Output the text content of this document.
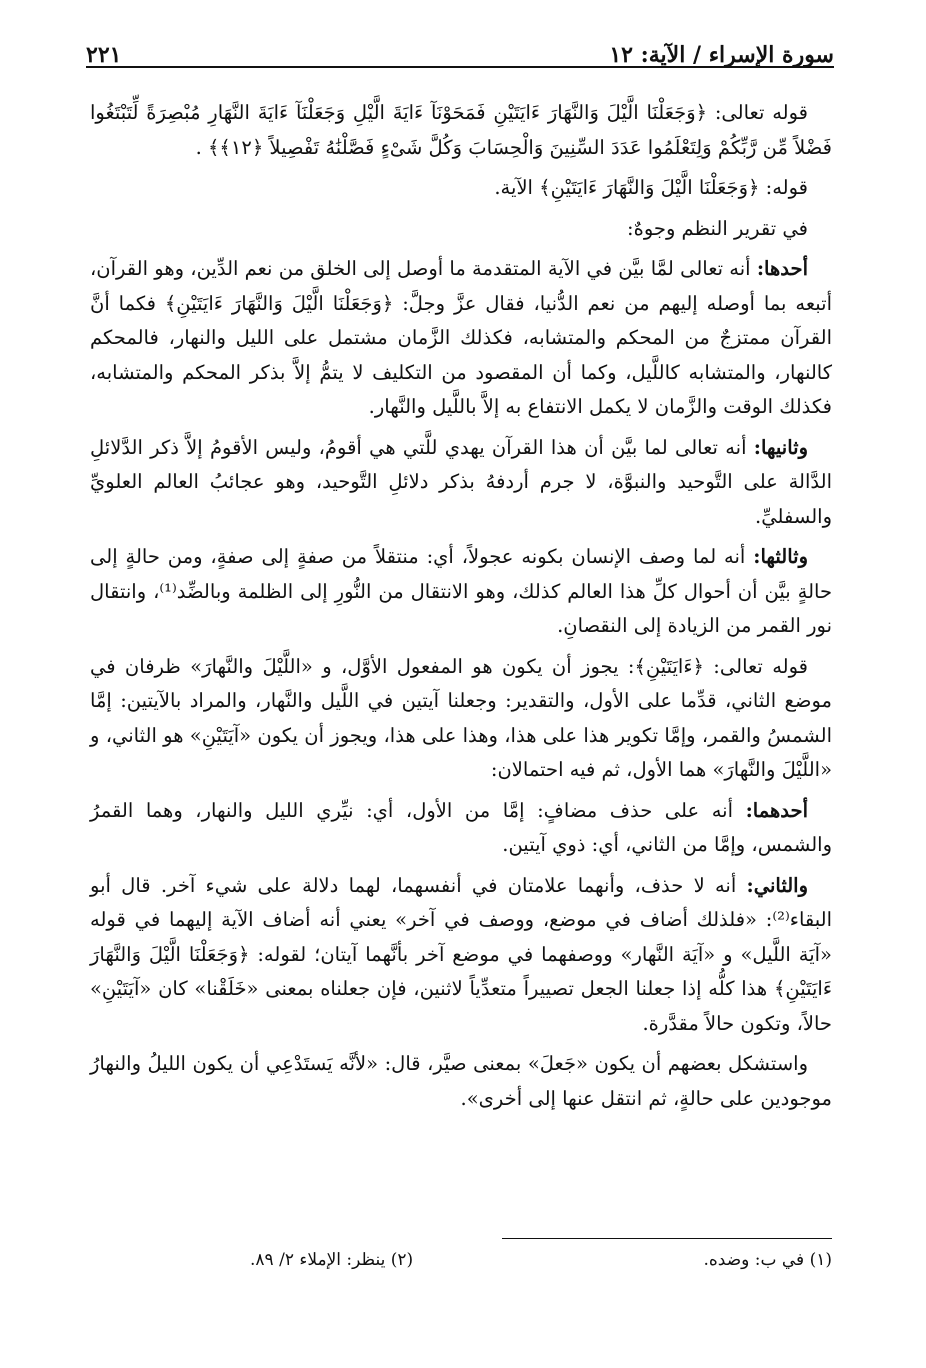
سورة الإسراء / الآية: ١٢
٢٢١

قوله تعالى: ﴿وَجَعَلْنَا الَّيْلَ وَالنَّهَارَ ءَايَتَيْنِ فَمَحَوْنَآ ءَايَةَ الَّيْلِ وَجَعَلْنَآ ءَايَةَ النَّهَارِ مُبْصِرَةً لِّتَبْتَغُوا فَضْلاً مِّن رَّبِّكُمْ وَلِتَعْلَمُوا عَدَدَ السِّنِينَ وَالْحِسَابَ وَكُلَّ شَىْءٍ فَصَّلْنَٰهُ تَفْصِيلاً ﴿١٢﴾﴾ .

قوله: ﴿وَجَعَلْنَا الَّيْلَ وَالنَّهَارَ ءَايَتَيْنِ﴾ الآية.

في تقرير النظم وجوهٌ:

أحدها: أنه تعالى لمَّا بيَّن في الآية المتقدمة ما أوصل إلى الخلق من نعم الدِّين، وهو القرآن، أتبعه بما أوصله إليهم من نعم الدُّنيا، فقال عزَّ وجلَّ: ﴿وَجَعَلْنَا الَّيْلَ وَالنَّهَارَ ءَايَتَيْنِ﴾ فكما أنَّ القرآن ممتزجٌ من المحكم والمتشابه، فكذلك الزَّمان مشتمل على الليل والنهار، فالمحكم كالنهار، والمتشابه كاللَّيل، وكما أن المقصود من التكليف لا يتمُّ إلاَّ بذكر المحكم والمتشابه، فكذلك الوقت والزَّمان لا يكمل الانتفاع به إلاَّ باللَّيل والنَّهار.

وثانيها: أنه تعالى لما بيَّن أن هذا القرآن يهدي للَّتي هي أقومُ، وليس الأقومُ إلاَّ ذكر الدَّلائلِ الدَّالة على التَّوحيد والنبوَّة، لا جرم أردفهُ بذكر دلائلِ التَّوحيد، وهو عجائبُ العالم العلويِّ والسفليِّ.

وثالثها: أنه لما وصف الإنسان بكونه عجولاً، أي: منتقلاً من صفةٍ إلى صفةٍ، ومن حالةٍ إلى حالةٍ بيَّن أن أحوال كلِّ هذا العالم كذلك، وهو الانتقال من النُّورِ إلى الظلمة وبالضِّد⁽¹⁾، وانتقال نور القمر من الزيادة إلى النقصانِ.

قوله تعالى: ﴿ءَايَتَيْنِ﴾: يجوز أن يكون هو المفعول الأوَّل، و «اللَّيْلَ والنَّهارَ» ظرفان في موضع الثاني، قدِّما على الأول، والتقدير: وجعلنا آيتين في اللَّيل والنَّهار، والمراد بالآيتين: إمَّا الشمسُ والقمر، وإمَّا تكوير هذا على هذا، وهذا على هذا، ويجوز أن يكون «آيَتَيْنِ» هو الثاني، و «اللَّيْلَ والنَّهارَ» هما الأول، ثم فيه احتمالان:

أحدهما: أنه على حذف مضافٍ: إمَّا من الأول، أي: نيِّري الليل والنهار، وهما القمرُ والشمس، وإمَّا من الثاني، أي: ذوي آيتين.

والثاني: أنه لا حذف، وأنهما علامتان في أنفسهما، لهما دلالة على شيء آخر. قال أبو البقاء⁽²⁾: «فلذلك أضاف في موضع، ووصف في آخر» يعني أنه أضاف الآية إليهما في قوله «آيَة اللَّيل» و «آيَة النَّهار» ووصفهما في موضع آخر بأنَّهما آيتان؛ لقوله: ﴿وَجَعَلْنَا الَّيْلَ وَالنَّهَارَ ءَايَتَيْنِ﴾ هذا كلُّه إذا جعلنا الجعل تصييراً متعدِّياً لاثنين، فإن جعلناه بمعنى «خَلَقْنا» كان «آيَتَيْنِ» حالاً، وتكون حالاً مقدَّرة.

واستشكل بعضهم أن يكون «جَعلَ» بمعنى صيَّر، قال: «لأنَّه يَستَدْعِي أن يكون الليلُ والنهارُ موجودين على حالةٍ، ثم انتقل عنها إلى أخرى».

(١) في ب: وضده.
(٢) ينظر: الإملاء ٢/ ٨٩.
